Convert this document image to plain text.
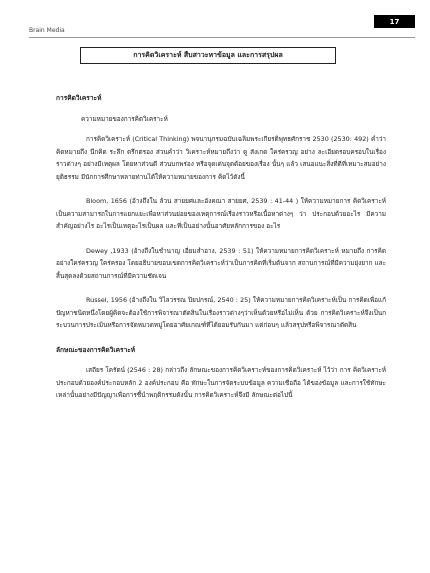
Brain Media
17
การคิดวิเคราะห์ สืบสาวะหาข้อมูล และการสรุปผล
การคิดวิเคราะห์
ความหมายของการคิดวิเคราะห์
การคิดวิเคราะห์ (Critical Thinking) พจนานุกรมฉบับเฉลิมพระเกียรติพุทธศักราช 2530 (2530: 492) คำว่า คิดหมายถึง นึกคิด ระลึก ตรึกตรอง ส่วนคำว่า วิเคราะห์หมายถึงว่า ดู สังเกต ใคร่ครวญ อย่าง ละเอียดรอบครอบในเรื่องราวต่างๆ อย่างมีเหตุผล โดยหาส่วนดี ส่วนบกพร่อง หรือจุดเด่นจุดด้อยของเรื่อง นั้นๆ แล้ว เสนอแนะสิ่งที่ดีที่เหมาะสมอย่างยุติธรรม มีนักการศึกษาหลายท่านได้ให้ความหมายของการ คิดไว้ดังนี้
Bloom, 1656 (อ้างถึงใน ล้วน สายยศและอังคณา สายยศ, 2539 : 41-44 ) ให้ความหมายการ คิดวิเคราะห์ เป็นความสามารถในการแยกแยะเพื่อหาส่วนย่อยของเหตุการณ์เรื่องราวหรือเนื้อหาต่างๆ ว่า ประกอบด้วยอะไร มีความสำคัญอย่างไร อะไรเป็นเหตุอะไรเป็นผล และที่เป็นอย่างนั้นอาศัยหลักการของ อะไร
Dewey ,1933 (อ้างถึงในชำนาญ เอี่ยมสำอาง, 2539 : 51) ให้ความหมายการคิดวิเคราะห์ หมายถึง การคิดอย่างใคร่ครวญ ใคร่ครอง โดยอธิบายขอบเขตการคิดวิเคราะห์ว่าเป็นการคิดที่เริ่มต้นจาก สถานการณ์ที่มีความยุ่งยาก และสิ้นสุดลงด้วยสถานการณ์ที่มีความชัดเจน
Russel, 1956 (อ้างถึงใน วิไลวรรณ ปิยปกรณ์, 2540 : 25) ให้ความหมายการคิดวิเคราะห์เป็น การคิดเพื่อแก้ปัญหาชนิดหนึ่งโดยผู้คิดจะต้องใช้การพิจารณาตัดสินในเรื่องราวต่างๆว่าเห็นด้วยหรือไม่เห็น ด้วย การคิดวิเคราะห์จึงเป็นกระบวนการประเมินหรือการจัดหมวดหมู่โดยอาศัยเกณฑ์ที่ได้ยอมรับกันมา แต่ก่อนๆ แล้วสรุปหรือพิจารณาตัดสิน
ลักษณะของการคิดวิเคราะห์
เสถียร โครัตน์ (2546 : 28) กล่าวถึง ลักษณะของการคิดวิเคราะห์ของการคิดวิเคราะห์ ไว้ว่า การ คิดวิเคราะห์ประกอบด้วยองค์ประกอบหลัก 2 องค์ประกอบ คือ ทักษะในการจัดระบบข้อมูล ความเชื่อถือ ได้ของข้อมูล และการใช้ทักษะเหล่านั้นอย่างมีปัญญาเพื่อการชี้นำพฤติกรรมดังนั้น การคิดวิเคราะห์จึงมี ลักษณะต่อไปนี้
